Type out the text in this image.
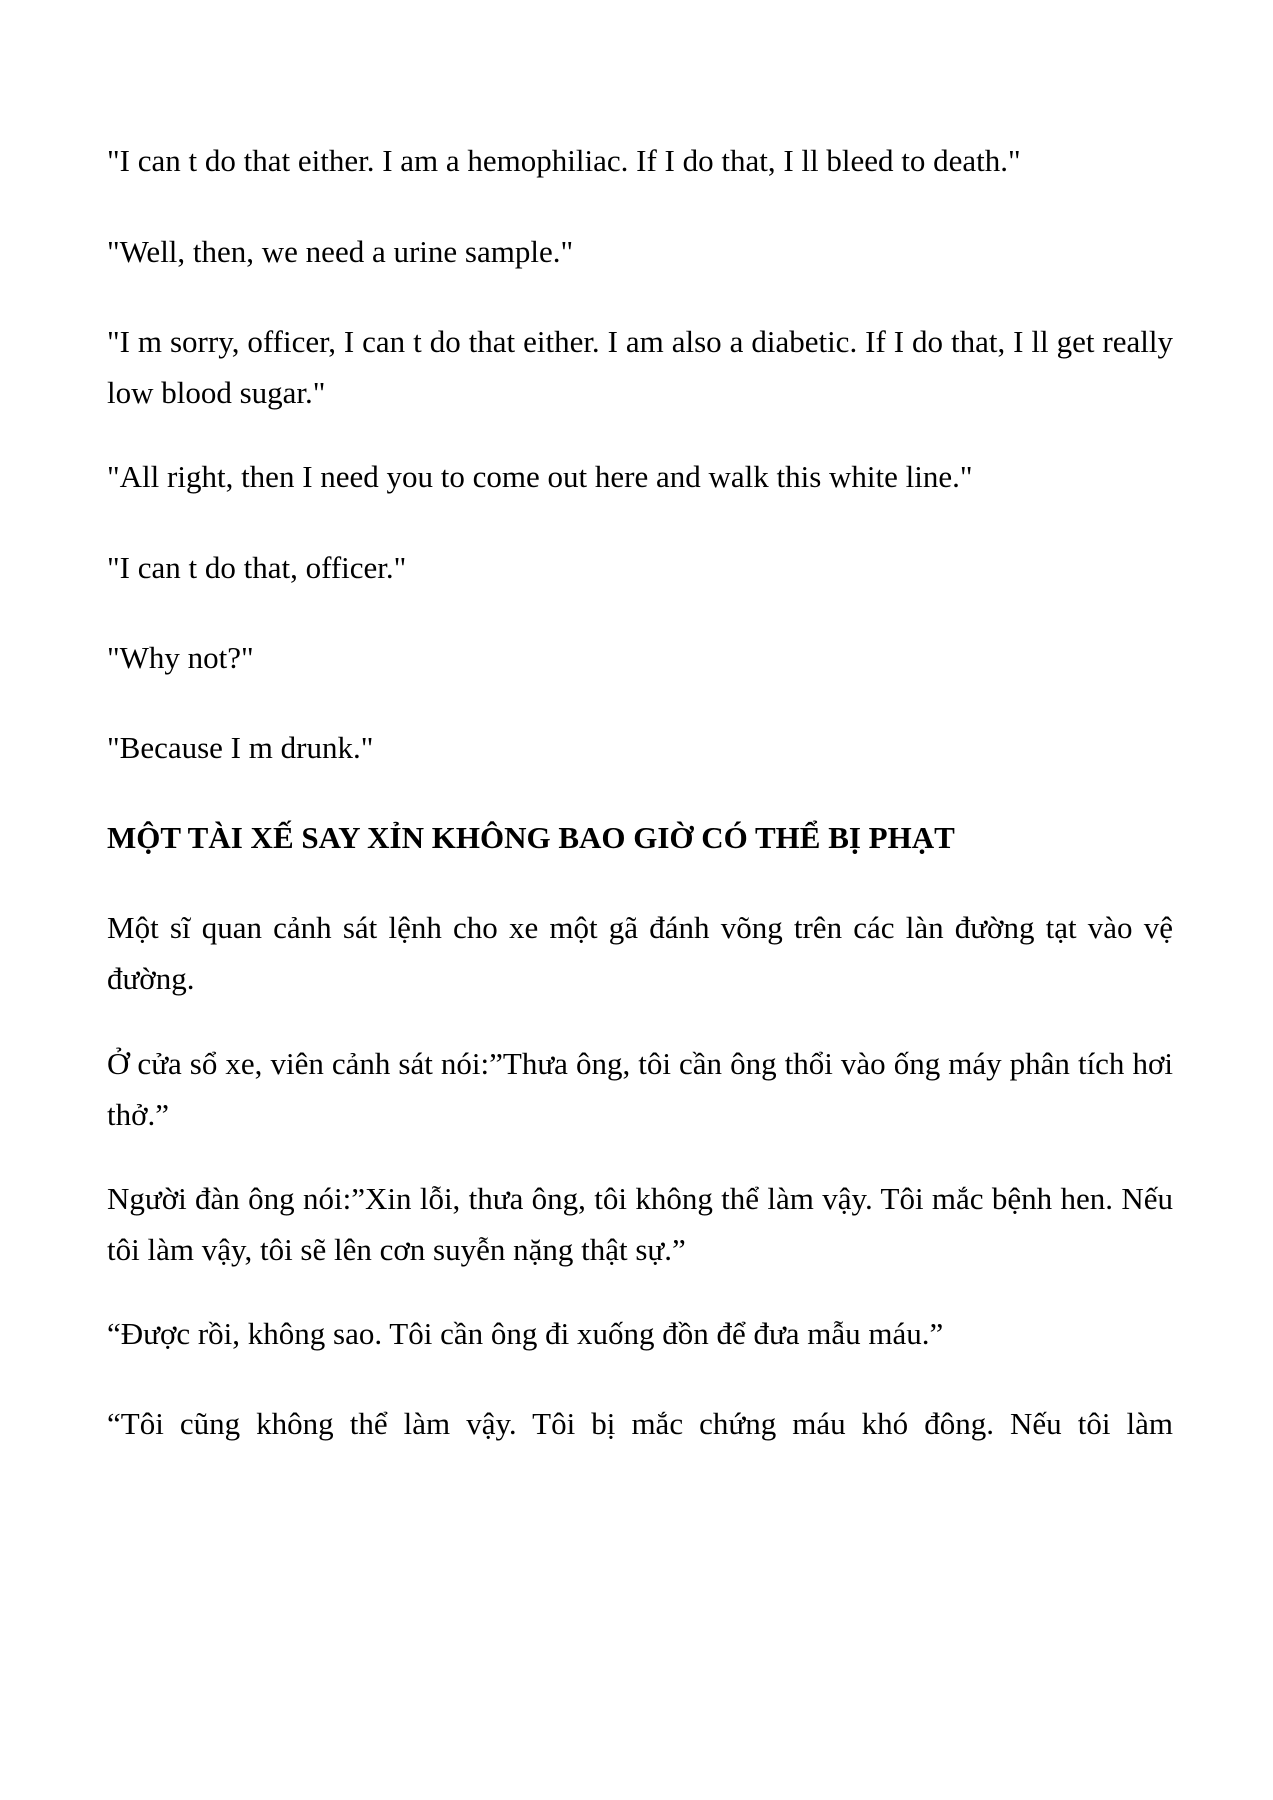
"I can t do that either. I am a hemophiliac. If I do that, I ll bleed to death."

"Well, then, we need a urine sample."

"I m sorry, officer, I can t do that either. I am also a diabetic. If I do that, I ll get really low blood sugar."

"All right, then I need you to come out here and walk this white line."

"I can t do that, officer."

"Why not?"

"Because I m drunk."

MỘT TÀI XẾ SAY XỈN KHÔNG BAO GIỜ CÓ THỂ BỊ PHẠT

Một sĩ quan cảnh sát lệnh cho xe một gã đánh võng trên các làn đường tạt vào vệ đường.

Ở cửa sổ xe, viên cảnh sát nói:”Thưa ông, tôi cần ông thổi vào ống máy phân tích hơi thở.”

Người đàn ông nói:”Xin lỗi, thưa ông, tôi không thể làm vậy. Tôi mắc bệnh hen. Nếu tôi làm vậy, tôi sẽ lên cơn suyễn nặng thật sự.”

“Được rồi, không sao. Tôi cần ông đi xuống đồn để đưa mẫu máu.”

“Tôi cũng không thể làm vậy. Tôi bị mắc chứng máu khó đông. Nếu tôi làm
